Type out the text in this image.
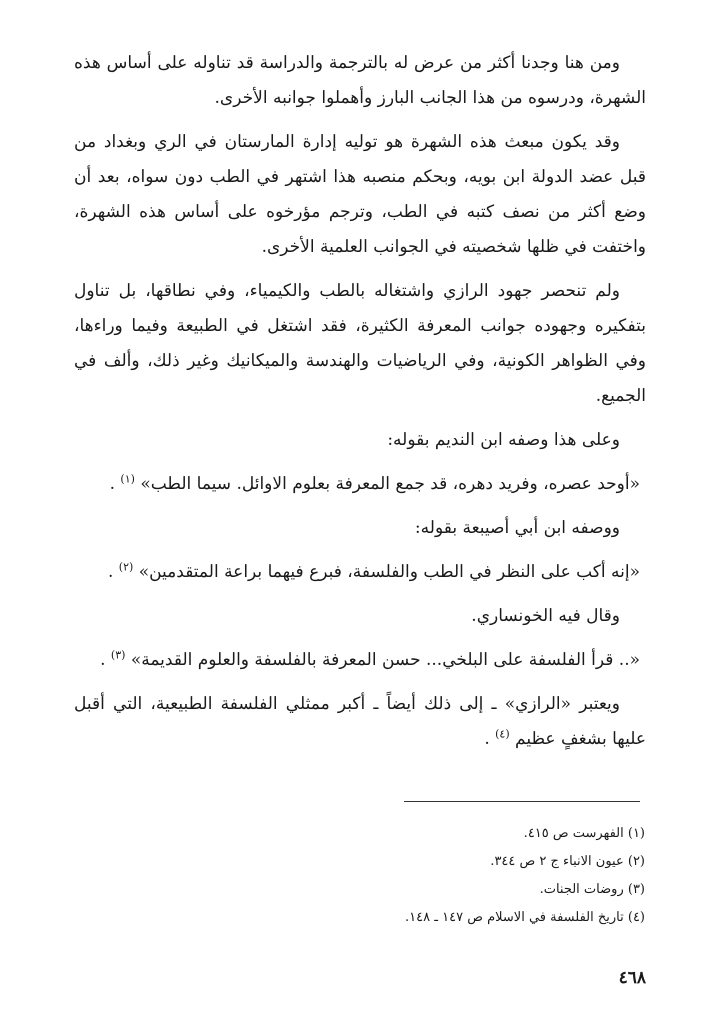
ومن هنا وجدنا أكثر من عرض له بالترجمة والدراسة قد تناوله على أساس هذه الشهرة، ودرسوه من هذا الجانب البارز وأهملوا جوانبه الأخرى.

وقد يكون مبعث هذه الشهرة هو توليه إدارة المارستان في الري وبغداد من قبل عضد الدولة ابن بويه، وبحكم منصبه هذا اشتهر في الطب دون سواه، بعد أن وضع أكثر من نصف كتبه في الطب، وترجم مؤرخوه على أساس هذه الشهرة، واختفت في ظلها شخصيته في الجوانب العلمية الأخرى.

ولم تنحصر جهود الرازي واشتغاله بالطب والكيمياء، وفي نطاقها، بل تناول بتفكيره وجهوده جوانب المعرفة الكثيرة، فقد اشتغل في الطبيعة وفيما وراءها، وفي الظواهر الكونية، وفي الرياضيات والهندسة والميكانيك وغير ذلك، وألف في الجميع.

وعلى هذا وصفه ابن النديم بقوله:

«أوحد عصره، وفريد دهره، قد جمع المعرفة بعلوم الاوائل. سيما الطب» $^{(١)}$ .

ووصفه ابن أبي أصيبعة بقوله:

«إنه أكب على النظر في الطب والفلسفة، فبرع فيهما براعة المتقدمين» $^{(٢)}$ .

وقال فيه الخونساري.

«.. قرأ الفلسفة على البلخي... حسن المعرفة بالفلسفة والعلوم القديمة» $^{(٣)}$ .

ويعتبر «الرازي» ـ إلى ذلك أيضاً ـ أكبر ممثلي الفلسفة الطبيعية، التي أقبل عليها بشغفٍ عظيم $^{(٤)}$ .

(١) الفهرست ص ٤١٥.

(٢) عيون الانباء ج ٢ ص ٣٤٤.

(٣) روضات الجنات.

(٤) تاريخ الفلسفة في الاسلام ص ١٤٧ ـ ١٤٨.

٤٦٨
